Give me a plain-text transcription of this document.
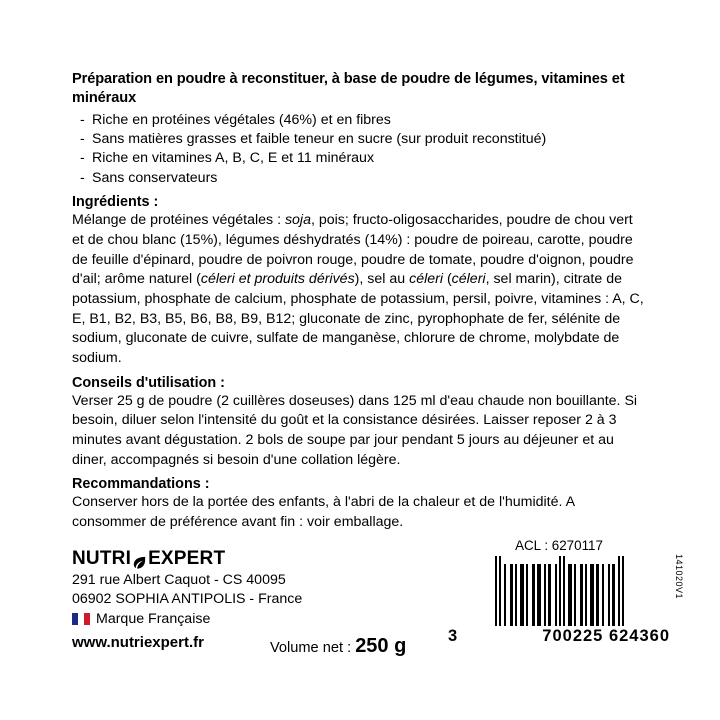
Préparation en poudre à reconstituer, à base de poudre de légumes, vitamines et minéraux
- Riche en protéines végétales (46%) et en fibres
- Sans matières grasses et faible teneur en sucre (sur produit reconstitué)
- Riche en vitamines A, B, C, E et 11 minéraux
- Sans conservateurs
Ingrédients :

Mélange de protéines végétales : soja, pois; fructo-oligosaccharides, poudre de chou vert et de chou blanc (15%), légumes déshydratés (14%) : poudre de poireau, carotte, poudre de feuille d'épinard, poudre de poivron rouge, poudre de tomate, poudre d'oignon, poudre d'ail; arôme naturel (céleri et produits dérivés), sel au céleri (céleri, sel marin), citrate de potassium, phosphate de calcium, phosphate de potassium, persil, poivre, vitamines : A, C, E, B1, B2, B3, B5, B6, B8, B9, B12; gluconate de zinc, pyrophophate de fer, sélénite de sodium, gluconate de cuivre, sulfate de manganèse, chlorure de chrome, molybdate de sodium.

Conseils d'utilisation :

Verser 25 g de poudre (2 cuillères doseuses) dans 125 ml d'eau chaude non bouillante. Si besoin, diluer selon l'intensité du goût et la consistance désirées. Laisser reposer 2 à 3 minutes avant dégustation. 2 bols de soupe par jour pendant 5 jours au déjeuner et au diner, accompagnés si besoin d'une collation légère.

Recommandations :

Conserver hors de la portée des enfants, à l'abri de la chaleur et de l'humidité. A consommer de préférence avant fin : voir emballage.

NUTRI EXPERT
291 rue Albert Caquot - CS 40095
06902 SOPHIA ANTIPOLIS - France
Marque Française
www.nutriexpert.fr	Volume net : 250 g
ACL : 6270117
3	700225 624360
141020V1
